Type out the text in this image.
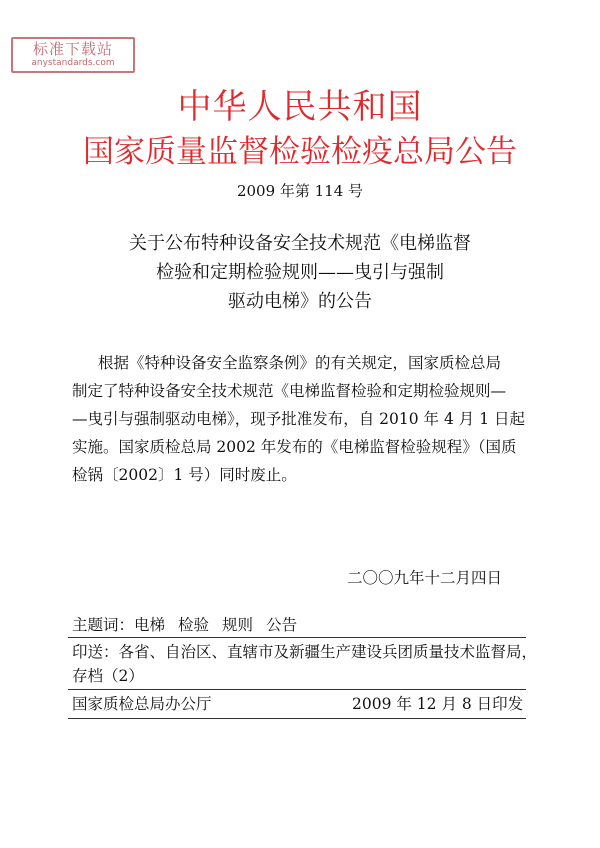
标准下载站
anystandards.com
中华人民共和国
国家质量监督检验检疫总局公告
2009 年第 114 号
关于公布特种设备安全技术规范《电梯监督
检验和定期检验规则——曳引与强制
驱动电梯》的公告
根据《特种设备安全监察条例》的有关规定，国家质检总局
制定了特种设备安全技术规范《电梯监督检验和定期检验规则—
—曳引与强制驱动电梯》，现予批准发布，自 2010 年 4 月 1 日起
实施。国家质检总局 2002 年发布的《电梯监督检验规程》（国质
检锅〔2002〕1 号）同时废止。
二〇〇九年十二月四日
主题词：电梯 检验 规则 公告
印送：各省、自治区、直辖市及新疆生产建设兵团质量技术监督局，
存档（2）
国家质检总局办公厅	2009 年 12 月 8 日印发
